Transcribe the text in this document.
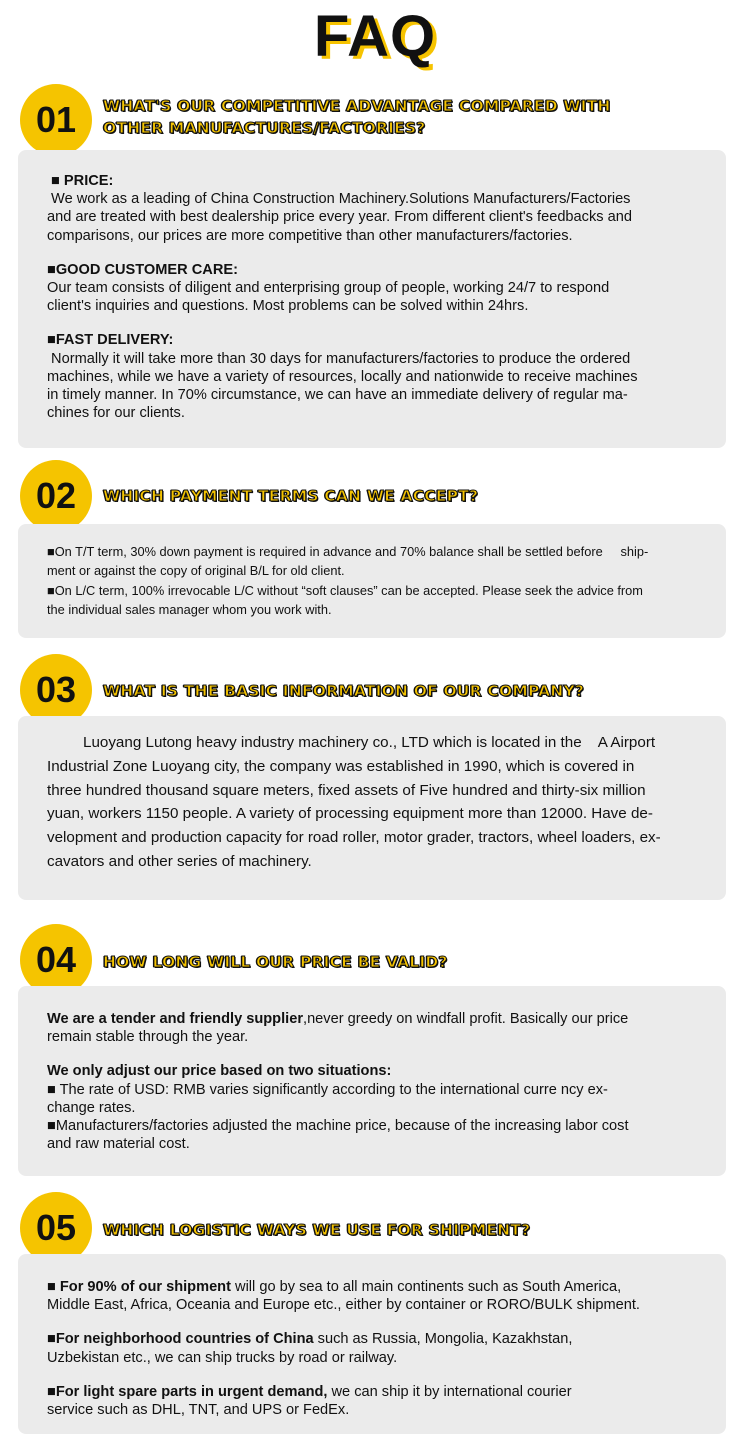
FAQ
01	WHAT'S OUR COMPETITIVE ADVANTAGE COMPARED WITH
OTHER MANUFACTURES/FACTORIES?

■ PRICE:

We work as a leading of China Construction Machinery.Solutions Manufacturers/Factories

and are treated with best dealership price every year. From different client's feedbacks and

comparisons, our prices are more competitive than other manufacturers/factories.

■GOOD CUSTOMER CARE:

Our team consists of diligent and enterprising group of people, working 24/7 to respond

client's inquiries and questions. Most problems can be solved within 24hrs.

■FAST DELIVERY:

Normally it will take more than 30 days for manufacturers/factories to produce the ordered

machines, while we have a variety of resources, locally and nationwide to receive machines

in timely manner. In 70% circumstance, we can have an immediate delivery of regular ma-

chines for our clients.

02	WHICH PAYMENT TERMS CAN WE ACCEPT?

■On T/T term, 30% down payment is required in advance and 70% balance shall be settled before     ship-

ment or against the copy of original B/L for old client.

■On L/C term, 100% irrevocable L/C without “soft clauses” can be accepted. Please seek the advice from

the individual sales manager whom you work with.

03	WHAT IS THE BASIC INFORMATION OF OUR COMPANY?

Luoyang Lutong heavy industry machinery co., LTD which is located in the    A Airport

Industrial Zone Luoyang city, the company was established in 1990, which is covered in

three hundred thousand square meters, fixed assets of Five hundred and thirty-six million

yuan, workers 1150 people. A variety of processing equipment more than 12000. Have de-

velopment and production capacity for road roller, motor grader, tractors, wheel loaders, ex-

cavators and other series of machinery.

04	HOW LONG WILL OUR PRICE BE VALID?

We are a tender and friendly supplier,never greedy on windfall profit. Basically our price

remain stable through the year.

We only adjust our price based on two situations:

■ The rate of USD: RMB varies significantly according to the international curre ncy ex-

change rates.

■Manufacturers/factories adjusted the machine price, because of the increasing labor cost

and raw material cost.

05	WHICH LOGISTIC WAYS WE USE FOR SHIPMENT?

■ For 90% of our shipment will go by sea to all main continents such as South America,

Middle East, Africa, Oceania and Europe etc., either by container or RORO/BULK shipment.

■For neighborhood countries of China such as Russia, Mongolia, Kazakhstan,

Uzbekistan etc., we can ship trucks by road or railway.

■For light spare parts in urgent demand, we can ship it by international courier

service such as DHL, TNT, and UPS or FedEx.
